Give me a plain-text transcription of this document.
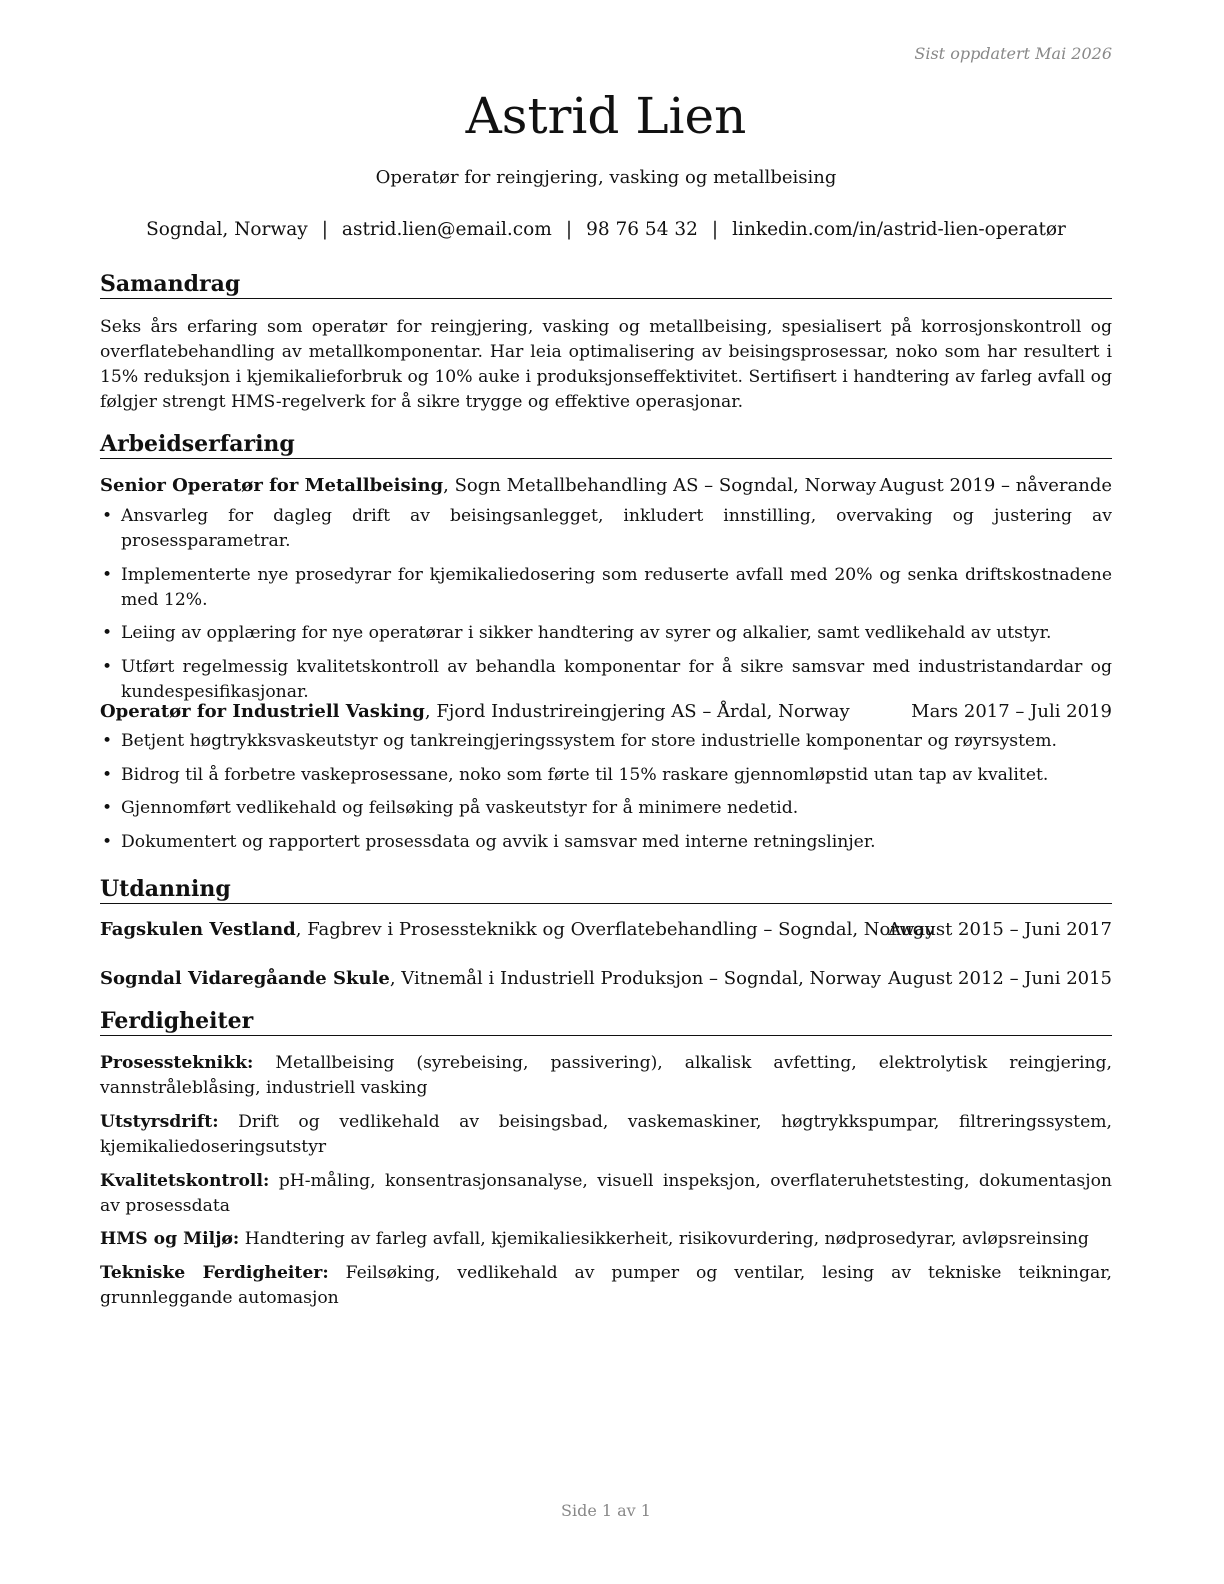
Sist oppdatert Mai 2026
Astrid Lien
Operatør for reingjering, vasking og metallbeising
Sogndal, Norway | astrid.lien@email.com | 98 76 54 32 | linkedin.com/in/astrid-lien-operatør
Samandrag
Seks års erfaring som operatør for reingjering, vasking og metallbeising, spesialisert på korrosjonskontroll og overflatebehandling av metallkomponentar. Har leia optimalisering av beisingsprosessar, noko som har resultert i 15% reduksjon i kjemikalieforbruk og 10% auke i produksjonseffektivitet. Sertifisert i handtering av farleg avfall og følgjer strengt HMS-regelverk for å sikre trygge og effektive operasjonar.
Arbeidserfaring
Senior Operatør for Metallbeising, Sogn Metallbehandling AS – Sogndal, Norway August 2019 – nåverande
• Ansvarleg for dagleg drift av beisingsanlegget, inkludert innstilling, overvaking og justering av prosessparametrar.
• Implementerte nye prosedyrar for kjemikaliedosering som reduserte avfall med 20% og senka driftskostnadene med 12%.
• Leiing av opplæring for nye operatørar i sikker handtering av syrer og alkalier, samt vedlikehald av utstyr.
• Utført regelmessig kvalitetskontroll av behandla komponentar for å sikre samsvar med industristandardar og kundespesifikasjonar.
Operatør for Industriell Vasking, Fjord Industrireingjering AS – Årdal, Norway	Mars 2017 – Juli 2019
• Betjent høgtrykksvaskeutstyr og tankreingjeringssystem for store industrielle komponentar og røyrsystem.
• Bidrog til å forbetre vaskeprosessane, noko som førte til 15% raskare gjennomløpstid utan tap av kvalitet.
• Gjennomført vedlikehald og feilsøking på vaskeutstyr for å minimere nedetid.
• Dokumentert og rapportert prosessdata og avvik i samsvar med interne retningslinjer.
Utdanning
Fagskulen Vestland, Fagbrev i Prosessteknikk og Overflatebehandling – Sogndal, Norway
August 2015 – Juni 2017
Sogndal Vidaregåande Skule, Vitnemål i Industriell Produksjon – Sogndal, Norway August 2012 – Juni 2015
Ferdigheiter
Prosessteknikk: Metallbeising (syrebeising, passivering), alkalisk avfetting, elektrolytisk reingjering, vannstråleblåsing, industriell vasking
Utstyrsdrift: Drift og vedlikehald av beisingsbad, vaskemaskiner, høgtrykkspumpar, filtreringssystem, kjemikaliedoseringsutstyr
Kvalitetskontroll: pH-måling, konsentrasjonsanalyse, visuell inspeksjon, overflateruhetstesting, dokumentasjon av prosessdata
HMS og Miljø: Handtering av farleg avfall, kjemikaliesikkerheit, risikovurdering, nødprosedyrar, avløpsreinsing
Tekniske Ferdigheiter: Feilsøking, vedlikehald av pumper og ventilar, lesing av tekniske teikningar, grunnleggande automasjon
Side 1 av 1
